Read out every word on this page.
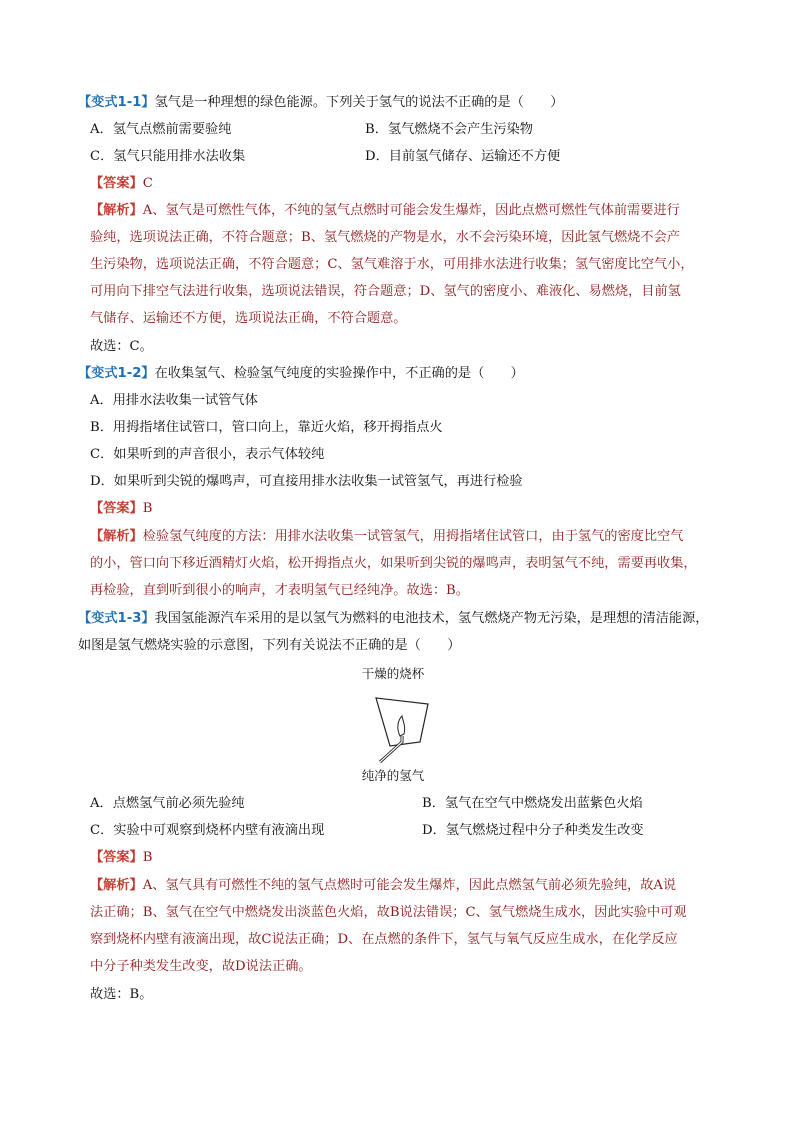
【变式1-1】氢气是一种理想的绿色能源。下列关于氢气的说法不正确的是（　　）
A．氢气点燃前需要验纯	B．氢气燃烧不会产生污染物
C．氢气只能用排水法收集	D．目前氢气储存、运输还不方便
【答案】C
【解析】A、氢气是可燃性气体，不纯的氢气点燃时可能会发生爆炸，因此点燃可燃性气体前需要进行
验纯，选项说法正确，不符合题意；B、氢气燃烧的产物是水，水不会污染环境，因此氢气燃烧不会产
生污染物，选项说法正确，不符合题意；C、氢气难溶于水，可用排水法进行收集；氢气密度比空气小，
可用向下排空气法进行收集，选项说法错误，符合题意；D、氢气的密度小、难液化、易燃烧，目前氢
气储存、运输还不方便，选项说法正确，不符合题意。
故选：C。
【变式1-2】在收集氢气、检验氢气纯度的实验操作中，不正确的是（　　）
A．用排水法收集一试管气体
B．用拇指堵住试管口，管口向上，靠近火焰，移开拇指点火
C．如果听到的声音很小，表示气体较纯
D．如果听到尖锐的爆鸣声，可直接用排水法收集一试管氢气，再进行检验
【答案】B
【解析】检验氢气纯度的方法：用排水法收集一试管氢气，用拇指堵住试管口，由于氢气的密度比空气
的小，管口向下移近酒精灯火焰，松开拇指点火，如果听到尖锐的爆鸣声，表明氢气不纯，需要再收集，
再检验，直到听到很小的响声，才表明氢气已经纯净。故选：B。
【变式1-3】我国氢能源汽车采用的是以氢气为燃料的电池技术，氢气燃烧产物无污染，是理想的清洁能源，
如图是氢气燃烧实验的示意图，下列有关说法不正确的是（　　）
干燥的烧杯
纯净的氢气
A．点燃氢气前必须先验纯	B．氢气在空气中燃烧发出蓝紫色火焰
C．实验中可观察到烧杯内壁有液滴出现	D．氢气燃烧过程中分子种类发生改变
【答案】B
【解析】A、氢气具有可燃性不纯的氢气点燃时可能会发生爆炸，因此点燃氢气前必须先验纯，故A说
法正确；B、氢气在空气中燃烧发出淡蓝色火焰，故B说法错误；C、氢气燃烧生成水，因此实验中可观
察到烧杯内壁有液滴出现，故C说法正确；D、在点燃的条件下，氢气与氧气反应生成水，在化学反应
中分子种类发生改变，故D说法正确。
故选：B。
